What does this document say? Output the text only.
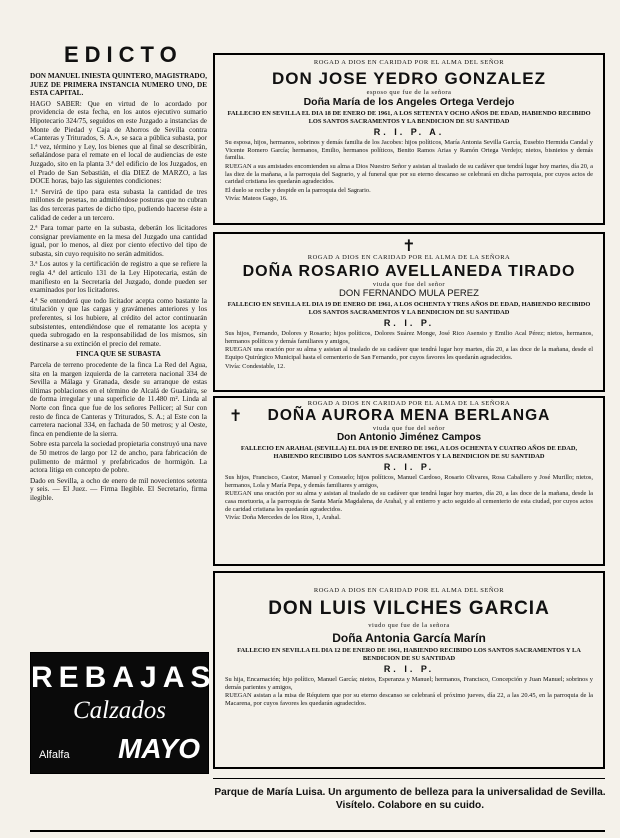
EDICTO

DON MANUEL INIESTA QUINTERO, MAGISTRADO, JUEZ DE PRIMERA INSTANCIA NUMERO UNO, DE ESTA CAPITAL.

HAGO SABER: Que en virtud de lo acordado por providencia de esta fecha, en los autos ejecutivo sumario Hipotecario 324/75, seguidos en este Juzgado a instancias de Monte de Piedad y Caja de Ahorros de Sevilla contra «Canteras y Triturados, S. A.», se saca a pública subasta, por 1.ª vez, término y Ley, los bienes que al final se describirán, señalándose para el remate en el local de audiencias de este Juzgado, sito en la planta 3.ª del edificio de los Juzgados, en el Prado de San Sebastián, el día DIEZ de MARZO, a las DOCE horas, bajo las siguientes condiciones:

1.ª Servirá de tipo para esta subasta la cantidad de tres millones de pesetas, no admitiéndose posturas que no cubran las dos terceras partes de dicho tipo, pudiendo hacerse éste a calidad de ceder a un tercero.

2.ª Para tomar parte en la subasta, deberán los licitadores consignar previamente en la mesa del Juzgado una cantidad igual, por lo menos, al diez por ciento efectivo del tipo de subasta, sin cuyo requisito no serán admitidos.

3.ª Los autos y la certificación de registro a que se refiere la regla 4.ª del artículo 131 de la Ley Hipotecaria, están de manifiesto en la Secretaría del Juzgado, donde pueden ser examinados por los licitadores.

4.ª Se entenderá que todo licitador acepta como bastante la titulación y que las cargas y gravámenes anteriores y los preferentes, si los hubiere, al crédito del actor continuarán subsistentes, entendiéndose que el rematante los acepta y queda subrogado en la responsabilidad de los mismos, sin destinarse a su extinción el precio del remate.

FINCA QUE SE SUBASTA

Parcela de terreno procedente de la finca La Red del Agua, sita en la margen izquierda de la carretera nacional 334 de Sevilla a Málaga y Granada, desde su arranque de estas últimas poblaciones en el término de Alcalá de Guadaira, se de forma irregular y una superficie de 11.480 m². Linda al Norte con finca que fue de los señores Pellicer; al Sur con resto de finca de Canteras y Triturados, S. A.; al Este con la carretera nacional 334, en fachada de 50 metros; y al Oeste, finca en pendiente de la sierra.

Sobre esta parcela la sociedad propietaria construyó una nave de 50 metros de largo por 12 de ancho, para fabricación de pulimento de mármol y prefabricados de hormigón. La actora litiga en concepto de pobre.

Dado en Sevilla, a ocho de enero de mil novecientos setenta y seis. — El Juez. — Firma Ilegible. El Secretario, firma ilegible.

REBAJAS
Calzados
Alfalfa MAYO
ROGAD A DIOS EN CARIDAD POR EL ALMA DEL SEÑOR
DON JOSE YEDRO GONZALEZ
esposo que fue de la señora
Doña María de los Angeles Ortega Verdejo
FALLECIO EN SEVILLA EL DIA 18 DE ENERO DE 1961, A LOS SETENTA Y OCHO AÑOS DE EDAD, HABIENDO RECIBIDO LOS SANTOS SACRAMENTOS Y LA BENDICION DE SU SANTIDAD
R. I. P. A.

Su esposa, hijos, hermanos, sobrinos y demás familia de los Jacobes: hijos políticos, María Antonia Sevilla García, Eusebio Hermida Candal y Vicente Romero García; hermanos, Emilio, hermanos políticos, Benito Ramos Arias y Ramón Ortega Verdejo; nietos, bisnietos y demás familia.

RUEGAN a sus amistades encomienden su alma a Dios Nuestro Señor y asistan al traslado de su cadáver que tendrá lugar hoy martes, día 20, a las diez de la mañana, a la parroquia del Sagrario, y al funeral que por su eterno descanso se celebrará en dicha parroquia, por cuyos actos de caridad cristiana les quedarán agradecidos.

El duelo se recibe y despide en la parroquia del Sagrario.

Vivía: Mateos Gago, 16.

✝
ROGAD A DIOS EN CARIDAD POR EL ALMA DE LA SEÑORA
DOÑA ROSARIO AVELLANEDA TIRADO
viuda que fue del señor
DON FERNANDO MULA PEREZ
FALLECIO EN SEVILLA EL DIA 19 DE ENERO DE 1961, A LOS OCHENTA Y TRES AÑOS DE EDAD, HABIENDO RECIBIDO LOS SANTOS SACRAMENTOS Y LA BENDICION DE SU SANTIDAD
R. I. P.

Sus hijos, Fernando, Dolores y Rosario; hijos políticos, Dolores Suárez Monge, José Rico Asensio y Emilio Acal Pérez; nietos, hermanos, hermanos políticos y demás familiares y amigos,

RUEGAN una oración por su alma y asistan al traslado de su cadáver que tendrá lugar hoy martes, día 20, a las doce de la mañana, desde el Equipo Quirúrgico Municipal hasta el cementerio de San Fernando, por cuyos favores les quedarán agradecidos.

Vivía: Condestable, 12.

ROGAD A DIOS EN CARIDAD POR EL ALMA DE LA SEÑORA
✝	DOÑA AURORA MENA BERLANGA
viuda que fue del señor
Don Antonio Jiménez Campos
FALLECIO EN ARAHAL (SEVILLA) EL DIA 19 DE ENERO DE 1961, A LOS OCHENTA Y CUATRO AÑOS DE EDAD, HABIENDO RECIBIDO LOS SANTOS SACRAMENTOS Y LA BENDICION DE SU SANTIDAD
R. I. P.

Sus hijos, Francisco, Castor, Manuel y Consuelo; hijos políticos, Manuel Cardoso, Rosario Olivares, Rosa Caballero y José Murillo; nietos, hermanos, Lola y María Pepa, y demás familiares y amigos,

RUEGAN una oración por su alma y asistan al traslado de su cadáver que tendrá lugar hoy martes, día 20, a las doce de la mañana, desde la casa mortuoria, a la parroquia de Santa María Magdalena, de Arahal, y al entierro y acto seguido al cementerio de esta ciudad, por cuyos actos de caridad cristiana les quedarán agradecidos.

Vivía: Doña Mercedes de los Rios, 1, Arahal.

ROGAD A DIOS EN CARIDAD POR EL ALMA DEL SEÑOR
DON LUIS VILCHES GARCIA
viudo que fue de la señora
Doña Antonia García Marín
FALLECIO EN SEVILLA EL DIA 12 DE ENERO DE 1961, HABIENDO RECIBIDO LOS SANTOS SACRAMENTOS Y LA BENDICION DE SU SANTIDAD
R. I. P.

Su hija, Encarnación; hijo político, Manuel García; nietos, Esperanza y Manuel; hermanos, Francisco, Concepción y Juan Manuel; sobrinos y demás parientes y amigos,

RUEGAN asistan a la misa de Réquiem que por su eterno descanso se celebrará el próximo jueves, día 22, a las 20.45, en la parroquia de la Macarena, por cuyos favores les quedarán agradecidos.

Parque de María Luisa. Un argumento de belleza para la universalidad de Sevilla. Visítelo. Colabore en su cuido.
